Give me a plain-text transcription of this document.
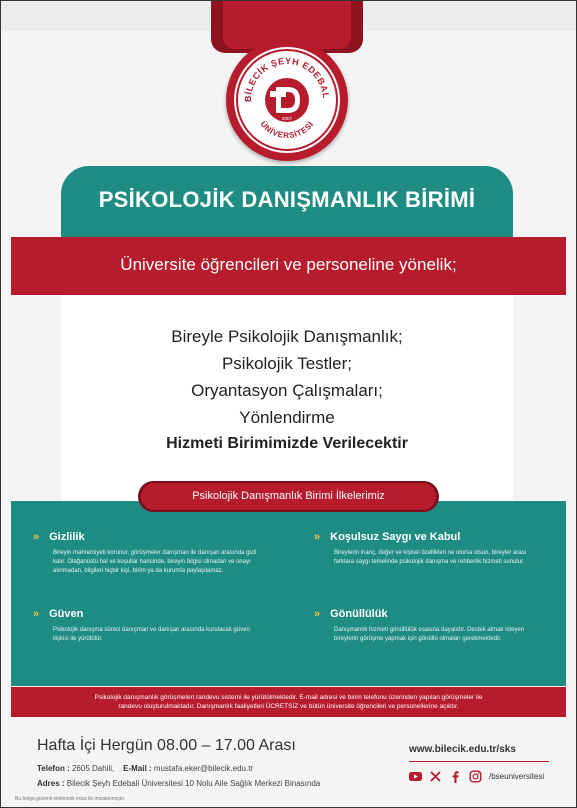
BİLECİK ŞEYH EDEBAL
ÜNİVERSİTESİ
2007
PSİKOLOJİK DANIŞMANLIK BİRİMİ
Üniversite öğrencileri ve personeline yönelik;
Bireyle Psikolojik Danışmanlık;
Psikolojik Testler;
Oryantasyon Çalışmaları;
Yönlendirme
Hizmeti Birimimizde Verilecektir
Psikolojik Danışmanlık Birimi İlkelerimiz
» Gizlilik
Bireyin mahremiyeti korunur, görüşmeler danışman ile danışan arasında gizli kalır. Olağanüstü hal ve koşullar haricinde, bireyin bilgisi olmadan ve onayı alınmadan, bilgileri hiçbir kişi, birim ya da kurumla paylaşılamaz.
» Koşulsuz Saygı ve Kabul
Bireylerin inanç, değer ve kişisel özellikleri ne olursa olsun, bireyler arası farklara saygı temelinde psikolojik danışma ve rehberlik hizmeti sunulur.
» Güven
Psikolojik danışma süreci danışman ve danışan arasında kurulacak güven ilişkisi ile yürütülür.
» Gönüllülük
Danışmanlık hizmeti gönüllülük esasına dayalıdır. Destek almak isteyen bireylerin görüşme yapmak için gönüllü olmaları gerekmektedir.
Psikolojik danışmanlık görüşmeleri randevu sistemi ile yürütülmektedir. E-mail adresi ve birim telefonu üzerinden yapılan görüşmeler ile
randevu oluşturulmaktadır. Danışmanlık faaliyetleri ÜCRETSİZ ve bütün üniversite öğrencileri ve personellerine açıktır.
Hafta İçi Hergün 08.00 – 17.00 Arası
Telefon : 2605 Dahili, E-Mail : mustafa.eker@bilecik.edu.tr
Adres : Bilecik Şeyh Edebali Üniversitesi 10 Nolu Aile Sağlık Merkezi Binasında
www.bilecik.edu.tr/sks
/bseuniversitesi
Bu belge,güvenli elektronik imza ile imzalanmıştır.
